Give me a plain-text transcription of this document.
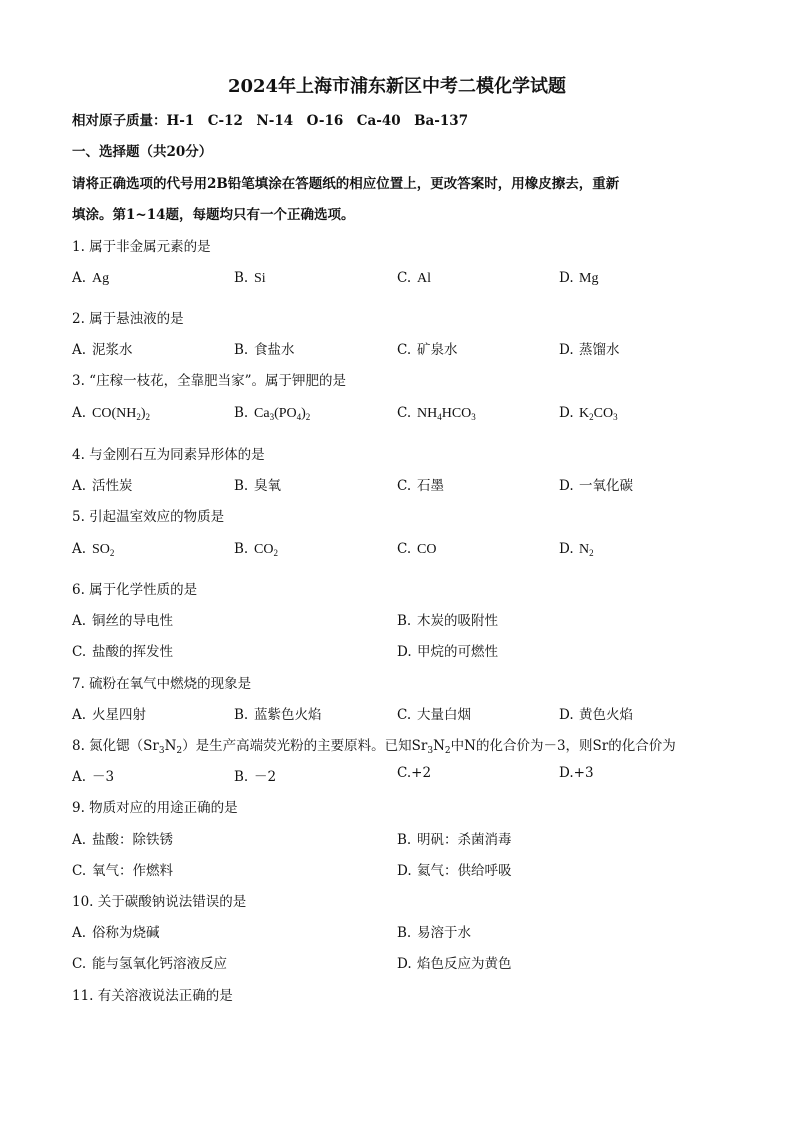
2024年上海市浦东新区中考二模化学试题
相对原子质量：H-1　C-12　N-14　O-16　Ca-40　Ba-137
一、选择题（共20分）
请将正确选项的代号用2B铅笔填涂在答题纸的相应位置上，更改答案时，用橡皮擦去，重新
填涂。第1~14题，每题均只有一个正确选项。
1. 属于非金属元素的是
A. Ag	B. Si	C. Al	D. Mg
2. 属于悬浊液的是
A. 泥浆水	B. 食盐水	C. 矿泉水	D. 蒸馏水
3. “庄稼一枝花，全靠肥当家”。属于钾肥的是
A. $CO(NH_2)_2$	B. $Ca_3(PO_4)_2$	C. $NH_4HCO_3$	D. $K_2CO_3$
4. 与金刚石互为同素异形体的是
A. 活性炭	B. 臭氧	C. 石墨	D. 一氧化碳
5. 引起温室效应的物质是
A. $SO_2$	B. $CO_2$	C. CO	D. $N_2$
6. 属于化学性质的是
A. 铜丝的导电性	B. 木炭的吸附性
C. 盐酸的挥发性	D. 甲烷的可燃性
7. 硫粉在氧气中燃烧的现象是
A. 火星四射	B. 蓝紫色火焰	C. 大量白烟	D. 黄色火焰
8. 氮化锶$(Sr_3N_2)$是生产高端荧光粉的主要原料。已知$Sr_3N_2$中N的化合价为－3，则Sr的化合价为
A. －3	B. －2	C.+2	D.+3
9. 物质对应的用途正确的是
A. 盐酸：除铁锈	B. 明矾：杀菌消毒
C. 氧气：作燃料	D. 氦气：供给呼吸
10. 关于碳酸钠说法错误的是
A. 俗称为烧碱	B. 易溶于水
C. 能与氢氧化钙溶液反应	D. 焰色反应为黄色
11. 有关溶液说法正确的是
